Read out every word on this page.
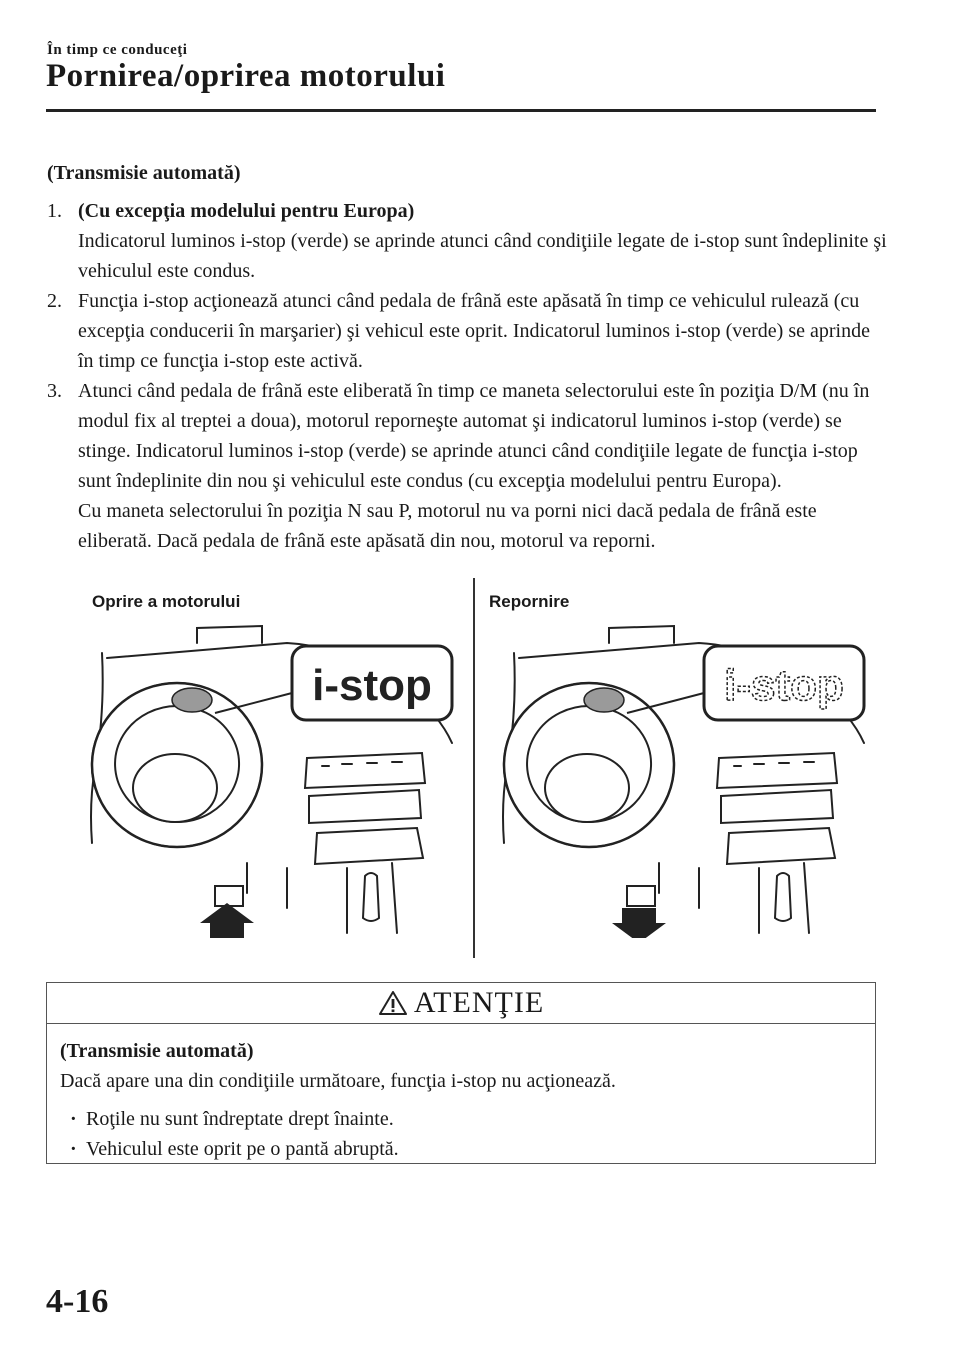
În timp ce conduceţi
Pornirea/oprirea motorului
(Transmisie automată)
1. (Cu excepţia modelului pentru Europa)
Indicatorul luminos i-stop (verde) se aprinde atunci când condiţiile legate de i-stop sunt îndeplinite şi vehiculul este condus.
2. Funcţia i-stop acţionează atunci când pedala de frână este apăsată în timp ce vehiculul rulează (cu excepţia conducerii în marşarier) şi vehicul este oprit. Indicatorul luminos i-stop (verde) se aprinde în timp ce funcţia i-stop este activă.
3. Atunci când pedala de frână este eliberată în timp ce maneta selectorului este în poziţia D/M (nu în modul fix al treptei a doua), motorul reporneşte automat şi indicatorul luminos i-stop (verde) se stinge. Indicatorul luminos i-stop (verde) se aprinde atunci când condiţiile legate de funcţia i-stop sunt îndeplinite din nou şi vehiculul este condus (cu excepţia modelului pentru Europa).
Cu maneta selectorului în poziţia N sau P, motorul nu va porni nici dacă pedala de frână este eliberată. Dacă pedala de frână este apăsată din nou, motorul va reporni.
Oprire a motorului	Repornire
i-stop	i-stop
ATENŢIE
(Transmisie automată)
Dacă apare una din condiţiile următoare, funcţia i-stop nu acţionează.
· Roţile nu sunt îndreptate drept înainte.
· Vehiculul este oprit pe o pantă abruptă.
4-16
